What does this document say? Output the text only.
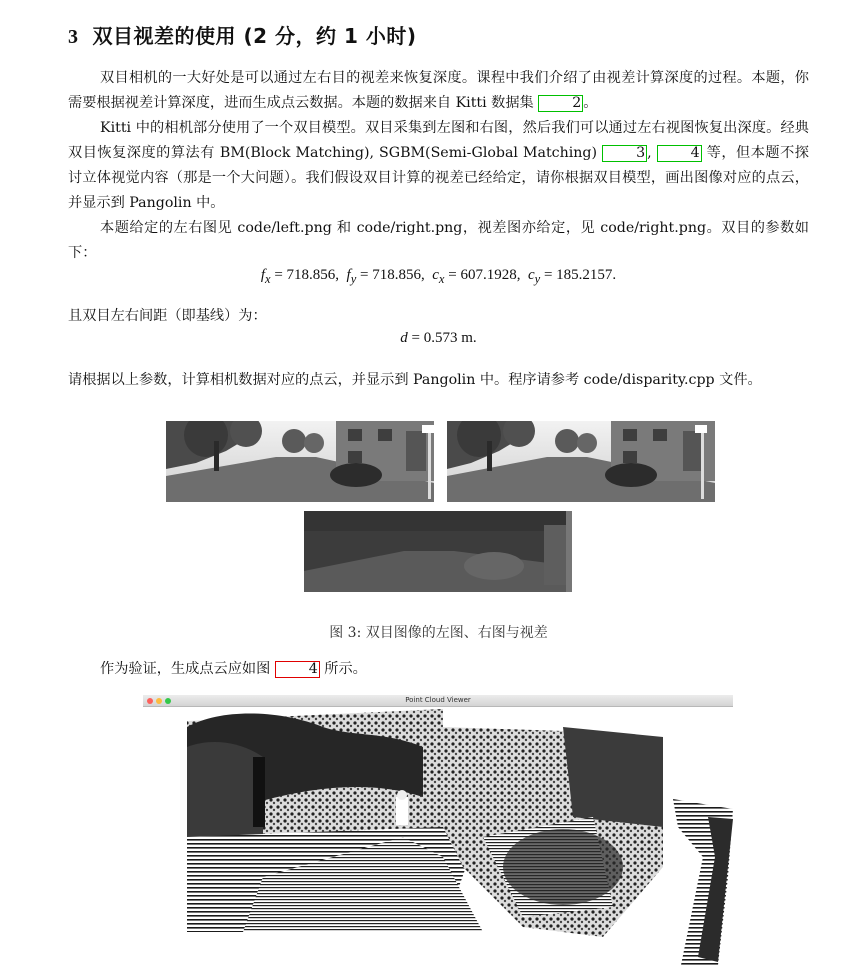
3 双目视差的使用 (2 分，约 1 小时)

双目相机的一大好处是可以通过左右目的视差来恢复深度。课程中我们介绍了由视差计算深度的过程。本题，你需要根据视差计算深度，进而生成点云数据。本题的数据来自 Kitti 数据集 2 。

Kitti 中的相机部分使用了一个双目模型。双目采集到左图和右图，然后我们可以通过左右视图恢复出深度。经典双目恢复深度的算法有 BM(Block Matching), SGBM(Semi-Global Matching) 3 , 4 等，但本题不探讨立体视觉内容（那是一个大问题）。我们假设双目计算的视差已经给定，请你根据双目模型，画出图像对应的点云，并显示到 Pangolin 中。

本题给定的左右图见 code/left.png 和 code/right.png，视差图亦给定，见 code/right.png。双目的参数如下：

$f_x = 718.856$,  $f_y = 718.856$,  $c_x = 607.1928$,  $c_y = 185.2157$.

且双目左右间距（即基线）为：

d = 0.573 m.

请根据以上参数，计算相机数据对应的点云，并显示到 Pangolin 中。程序请参考 code/disparity.cpp 文件。

图 3: 双目图像的左图、右图与视差

作为验证，生成点云应如图 4 所示。

Point Cloud Viewer
